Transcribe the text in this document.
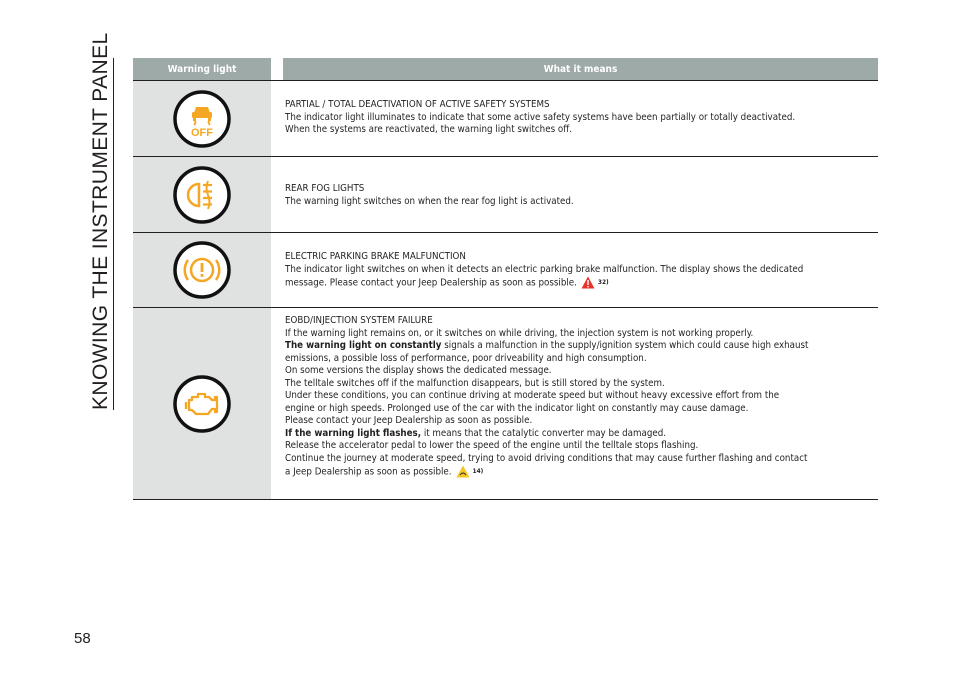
KNOWING THE INSTRUMENT PANEL	Warning light	What it means
OFF
PARTIAL / TOTAL DEACTIVATION OF ACTIVE SAFETY SYSTEMS

The indicator light illuminates to indicate that some active safety systems have been partially or totally deactivated.

When the systems are reactivated, the warning light switches off.

REAR FOG LIGHTS

The warning light switches on when the rear fog light is activated.

ELECTRIC PARKING BRAKE MALFUNCTION

The indicator light switches on when it detects an electric parking brake malfunction. The display shows the dedicated

message. Please contact your Jeep Dealership as soon as possible.	32)

EOBD/INJECTION SYSTEM FAILURE

If the warning light remains on, or it switches on while driving, the injection system is not working properly.

The warning light on constantly signals a malfunction in the supply/ignition system which could cause high exhaust

emissions, a possible loss of performance, poor driveability and high consumption.

On some versions the display shows the dedicated message.

The telltale switches off if the malfunction disappears, but is still stored by the system.

Under these conditions, you can continue driving at moderate speed but without heavy excessive effort from the

engine or high speeds. Prolonged use of the car with the indicator light on constantly may cause damage.

Please contact your Jeep Dealership as soon as possible.

If the warning light flashes, it means that the catalytic converter may be damaged.

Release the accelerator pedal to lower the speed of the engine until the telltale stops flashing.

Continue the journey at moderate speed, trying to avoid driving conditions that may cause further flashing and contact

a Jeep Dealership as soon as possible.	14)

58
